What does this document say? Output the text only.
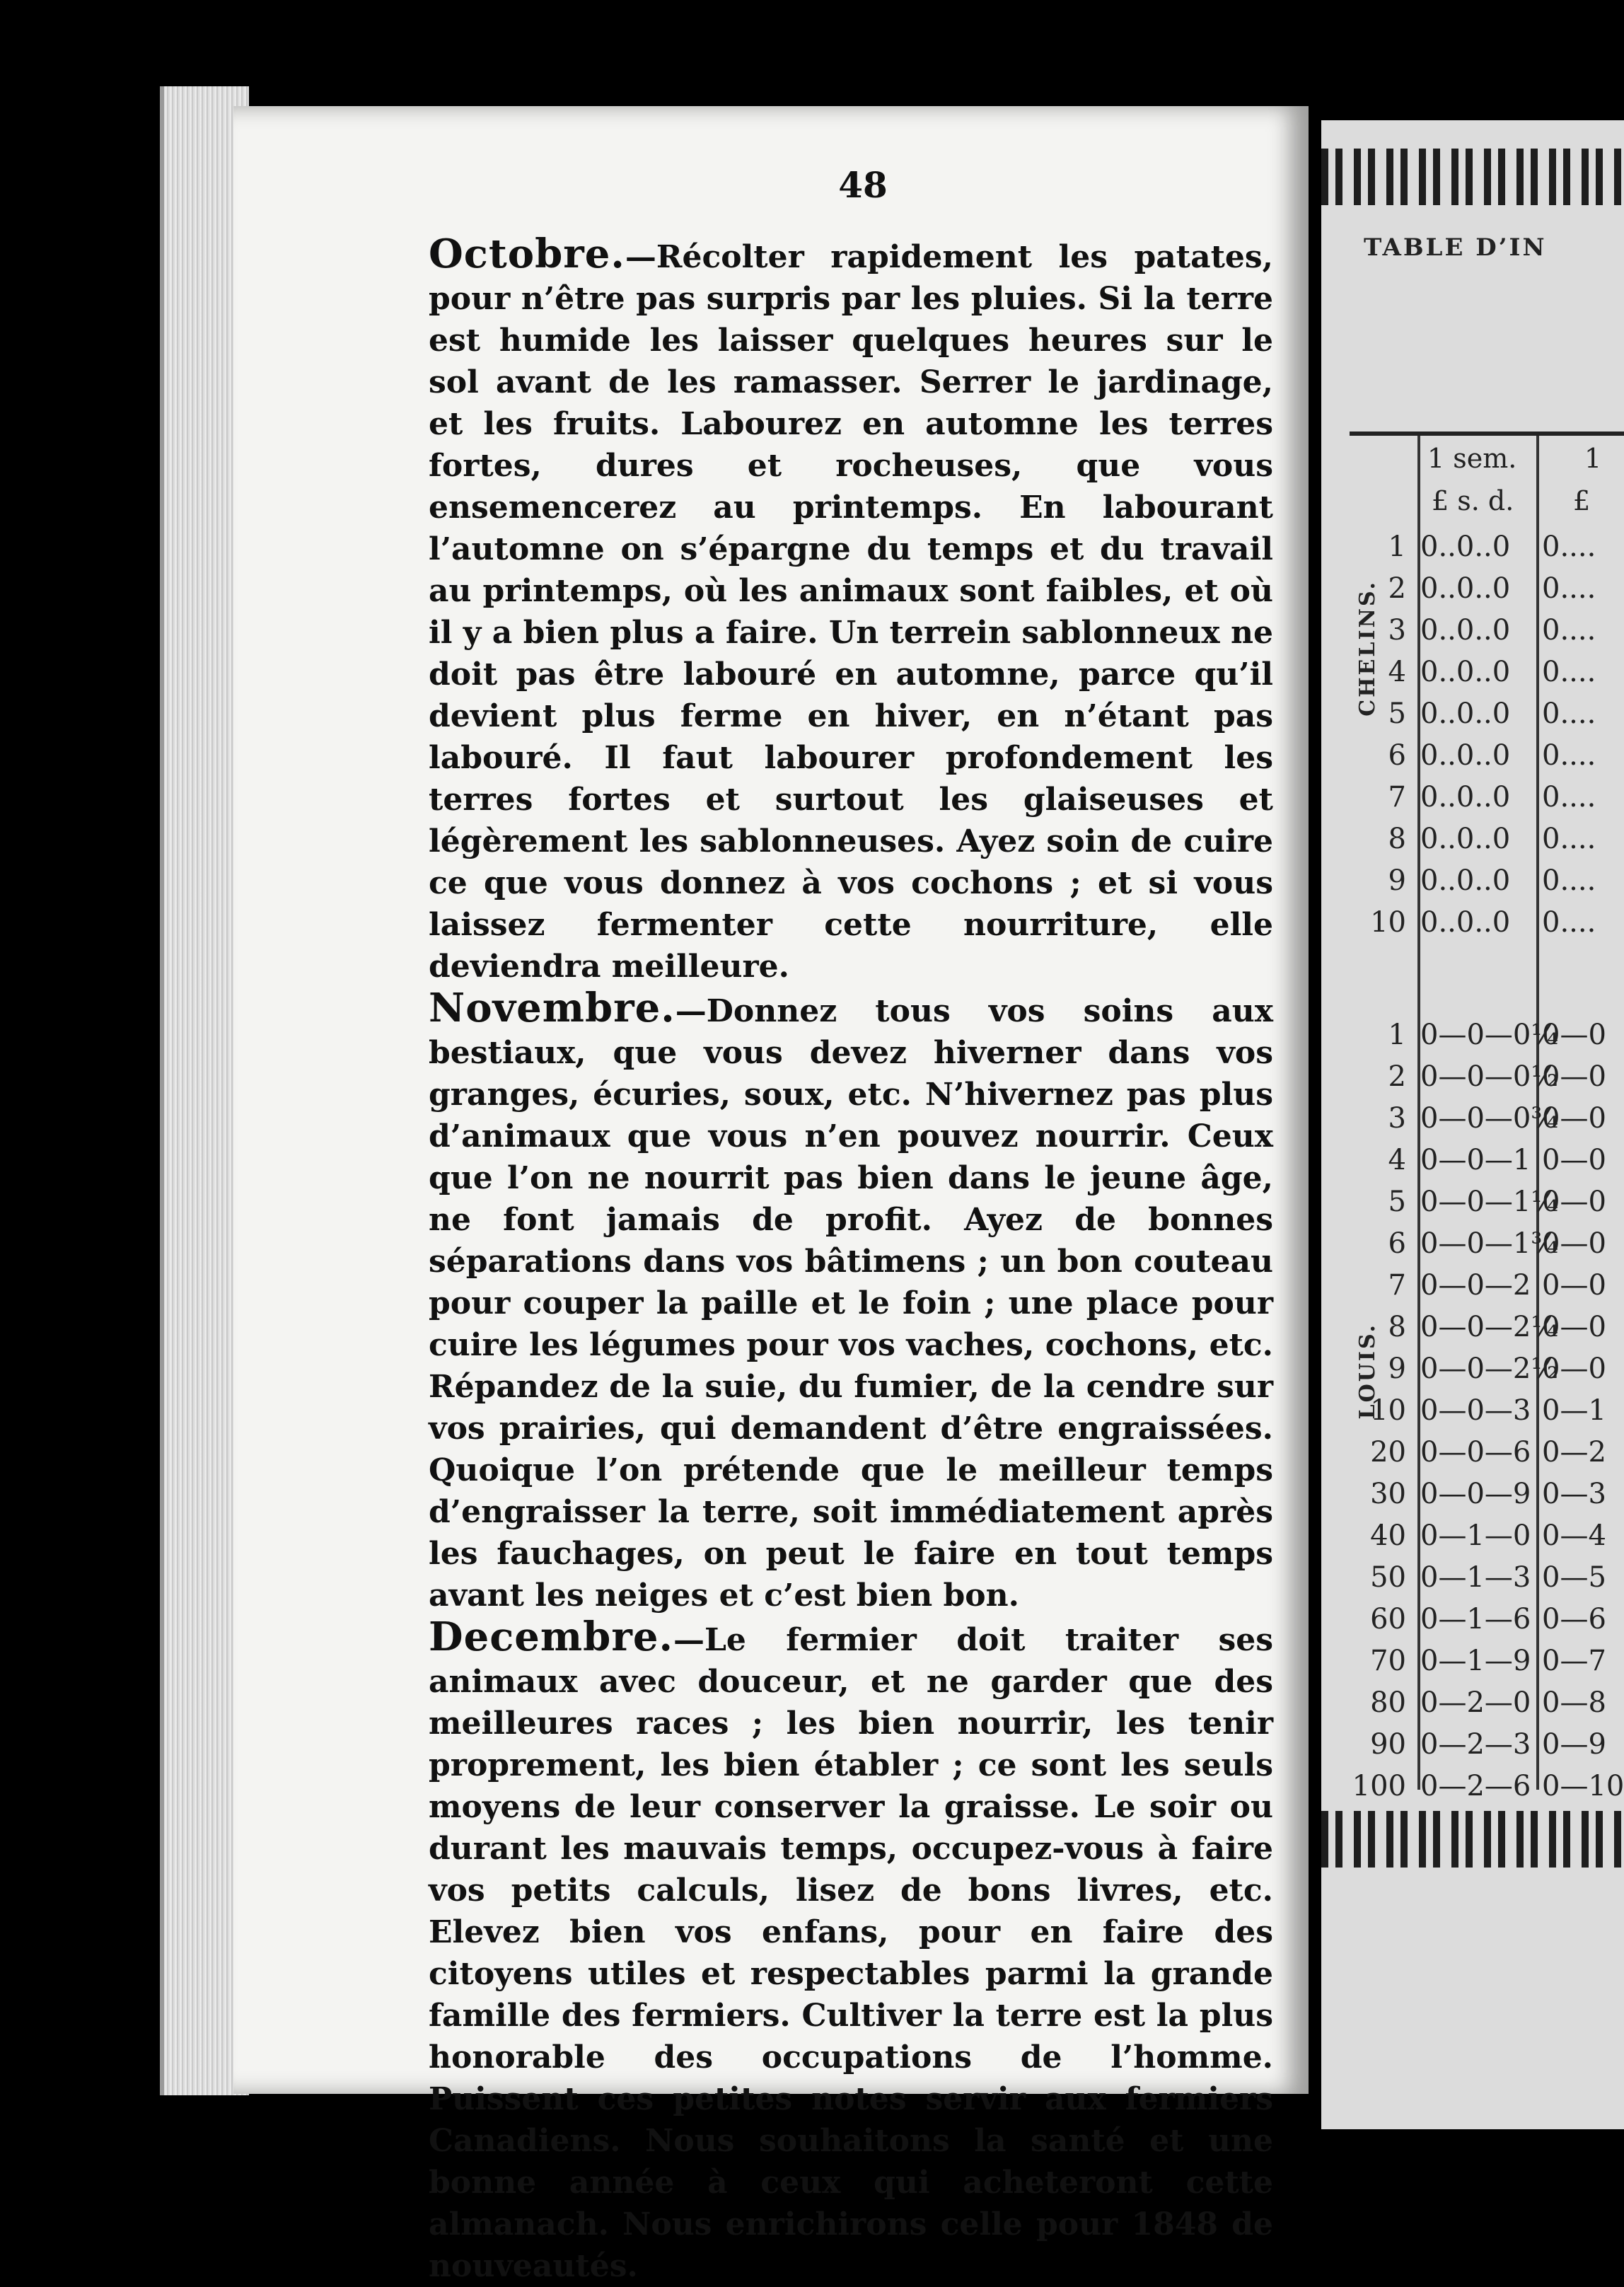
48

Octobre.—Récolter rapidement les patates, pour n’être pas surpris par les pluies. Si la terre est humide les laisser quelques heures sur le sol avant de les ramasser. Serrer le jardinage, et les fruits. Labourez en automne les terres fortes, dures et rocheuses, que vous ensemencerez au printemps. En labourant l’automne on s’épargne du temps et du travail au printemps, où les animaux sont faibles, et où il y a bien plus a faire. Un terrein sablonneux ne doit pas être labouré en automne, parce qu’il devient plus ferme en hiver, en n’étant pas labouré. Il faut labourer profondement les terres fortes et surtout les glaiseuses et légèrement les sablonneuses. Ayez soin de cuire ce que vous donnez à vos cochons ; et si vous laissez fermenter cette nourriture, elle deviendra meilleure.

Novembre.—Donnez tous vos soins aux bestiaux, que vous devez hiverner dans vos granges, écuries, soux, etc. N’hivernez pas plus d’animaux que vous n’en pouvez nourrir. Ceux que l’on ne nourrit pas bien dans le jeune âge, ne font jamais de profit. Ayez de bonnes séparations dans vos bâtimens ; un bon couteau pour couper la paille et le foin ; une place pour cuire les légumes pour vos vaches, cochons, etc. Répandez de la suie, du fumier, de la cendre sur vos prairies, qui demandent d’être engraissées. Quoique l’on prétende que le meilleur temps d’engraisser la terre, soit immédiatement après les fauchages, on peut le faire en tout temps avant les neiges et c’est bien bon.

Decembre.—Le fermier doit traiter ses animaux avec douceur, et ne garder que des meilleures races ; les bien nourrir, les tenir proprement, les bien établer ; ce sont les seuls moyens de leur conserver la graisse. Le soir ou durant les mauvais temps, occupez-vous à faire vos petits calculs, lisez de bons livres, etc. Elevez bien vos enfans, pour en faire des citoyens utiles et respectables parmi la grande famille des fermiers. Cultiver la terre est la plus honorable des occupations de l’homme. Puissent ces petites notes servir aux fermiers Canadiens. Nous souhaitons la santé et une bonne année à ceux qui acheteront cette almanach. Nous enrichirons celle pour 1848 de nouveautés.

TABLE D’IN
1 sem.	1
£ s. d. £
CHELINS.
LOUIS.
1 0..0..0 0....
2 0..0..0 0....
3 0..0..0 0....
4 0..0..0 0....
5 0..0..0 0....
6 0..0..0 0....
7 0..0..0 0....
8 0..0..0 0....
9 0..0..0 0....
10 0..0..0 0....
1 0—0—0¼
0—0
2 0—0—0½
0—0
3 0—0—0¾
0—0
4 0—0—1 0—0
5 0—0—1¼
0—0
6 0—0—1¾
0—0
7 0—0—2 0—0
8 0—0—2¼
0—0
9 0—0—2½
0—0
10 0—0—3 0—1
20 0—0—6 0—2
30 0—0—9 0—3
40 0—1—0 0—4
50 0—1—3 0—5
60 0—1—6 0—6
70 0—1—9 0—7
80 0—2—0 0—8
90 0—2—3 0—9
100 0—2—6 0—10
